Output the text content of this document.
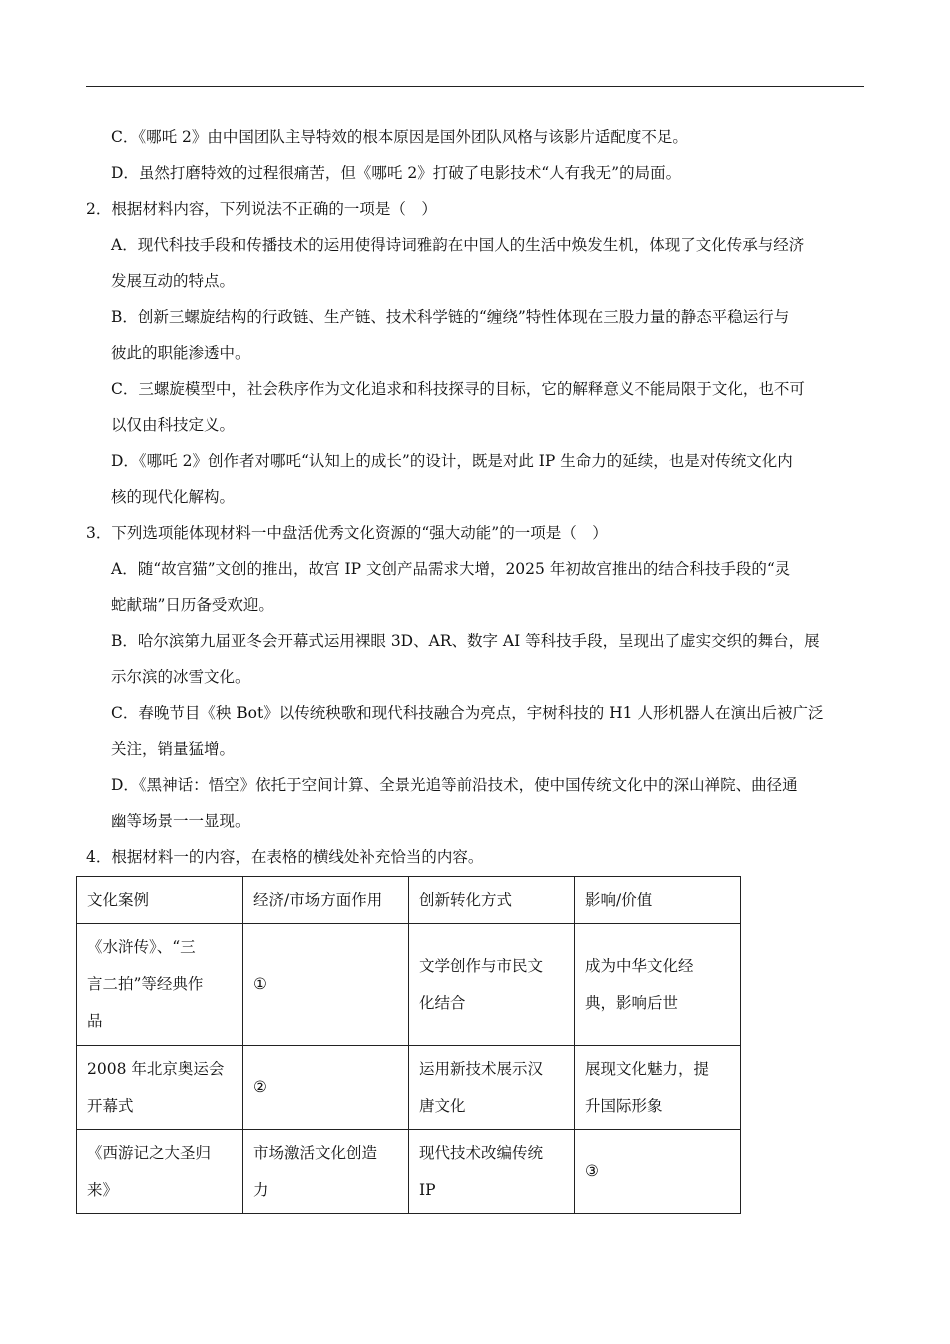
C．《哪吒 2》由中国团队主导特效的根本原因是国外团队风格与该影片适配度不足。
D．虽然打磨特效的过程很痛苦，但《哪吒 2》打破了电影技术“人有我无”的局面。
2．根据材料内容，下列说法不正确的一项是（　）
A．现代科技手段和传播技术的运用使得诗词雅韵在中国人的生活中焕发生机，体现了文化传承与经济
发展互动的特点。
B．创新三螺旋结构的行政链、生产链、技术科学链的“缠绕”特性体现在三股力量的静态平稳运行与
彼此的职能渗透中。
C．三螺旋模型中，社会秩序作为文化追求和科技探寻的目标，它的解释意义不能局限于文化，也不可
以仅由科技定义。
D．《哪吒 2》创作者对哪吒“认知上的成长”的设计，既是对此 IP 生命力的延续，也是对传统文化内
核的现代化解构。
3．下列选项能体现材料一中盘活优秀文化资源的“强大动能”的一项是（　）
A．随“故宫猫”文创的推出，故宫 IP 文创产品需求大增，2025 年初故宫推出的结合科技手段的“灵
蛇献瑞”日历备受欢迎。
B．哈尔滨第九届亚冬会开幕式运用裸眼 3D、AR、数字 AI 等科技手段，呈现出了虚实交织的舞台，展
示尔滨的冰雪文化。
C．春晚节目《秧 Bot》以传统秧歌和现代科技融合为亮点，宇树科技的 H1 人形机器人在演出后被广泛
关注，销量猛增。
D．《黑神话：悟空》依托于空间计算、全景光追等前沿技术，使中国传统文化中的深山禅院、曲径通
幽等场景一一显现。
4．根据材料一的内容，在表格的横线处补充恰当的内容。
文化案例	经济/市场方面作用	创新转化方式	影响/价值

《水浒传》、“三
言二拍”等经典作
品	①	文学创作与市民文
化结合	成为中华文化经
典，影响后世

2008 年北京奥运会
开幕式	②	运用新技术展示汉
唐文化	展现文化魅力，提
升国际形象

《西游记之大圣归
来》	市场激活文化创造
力	现代技术改编传统
IP	③
